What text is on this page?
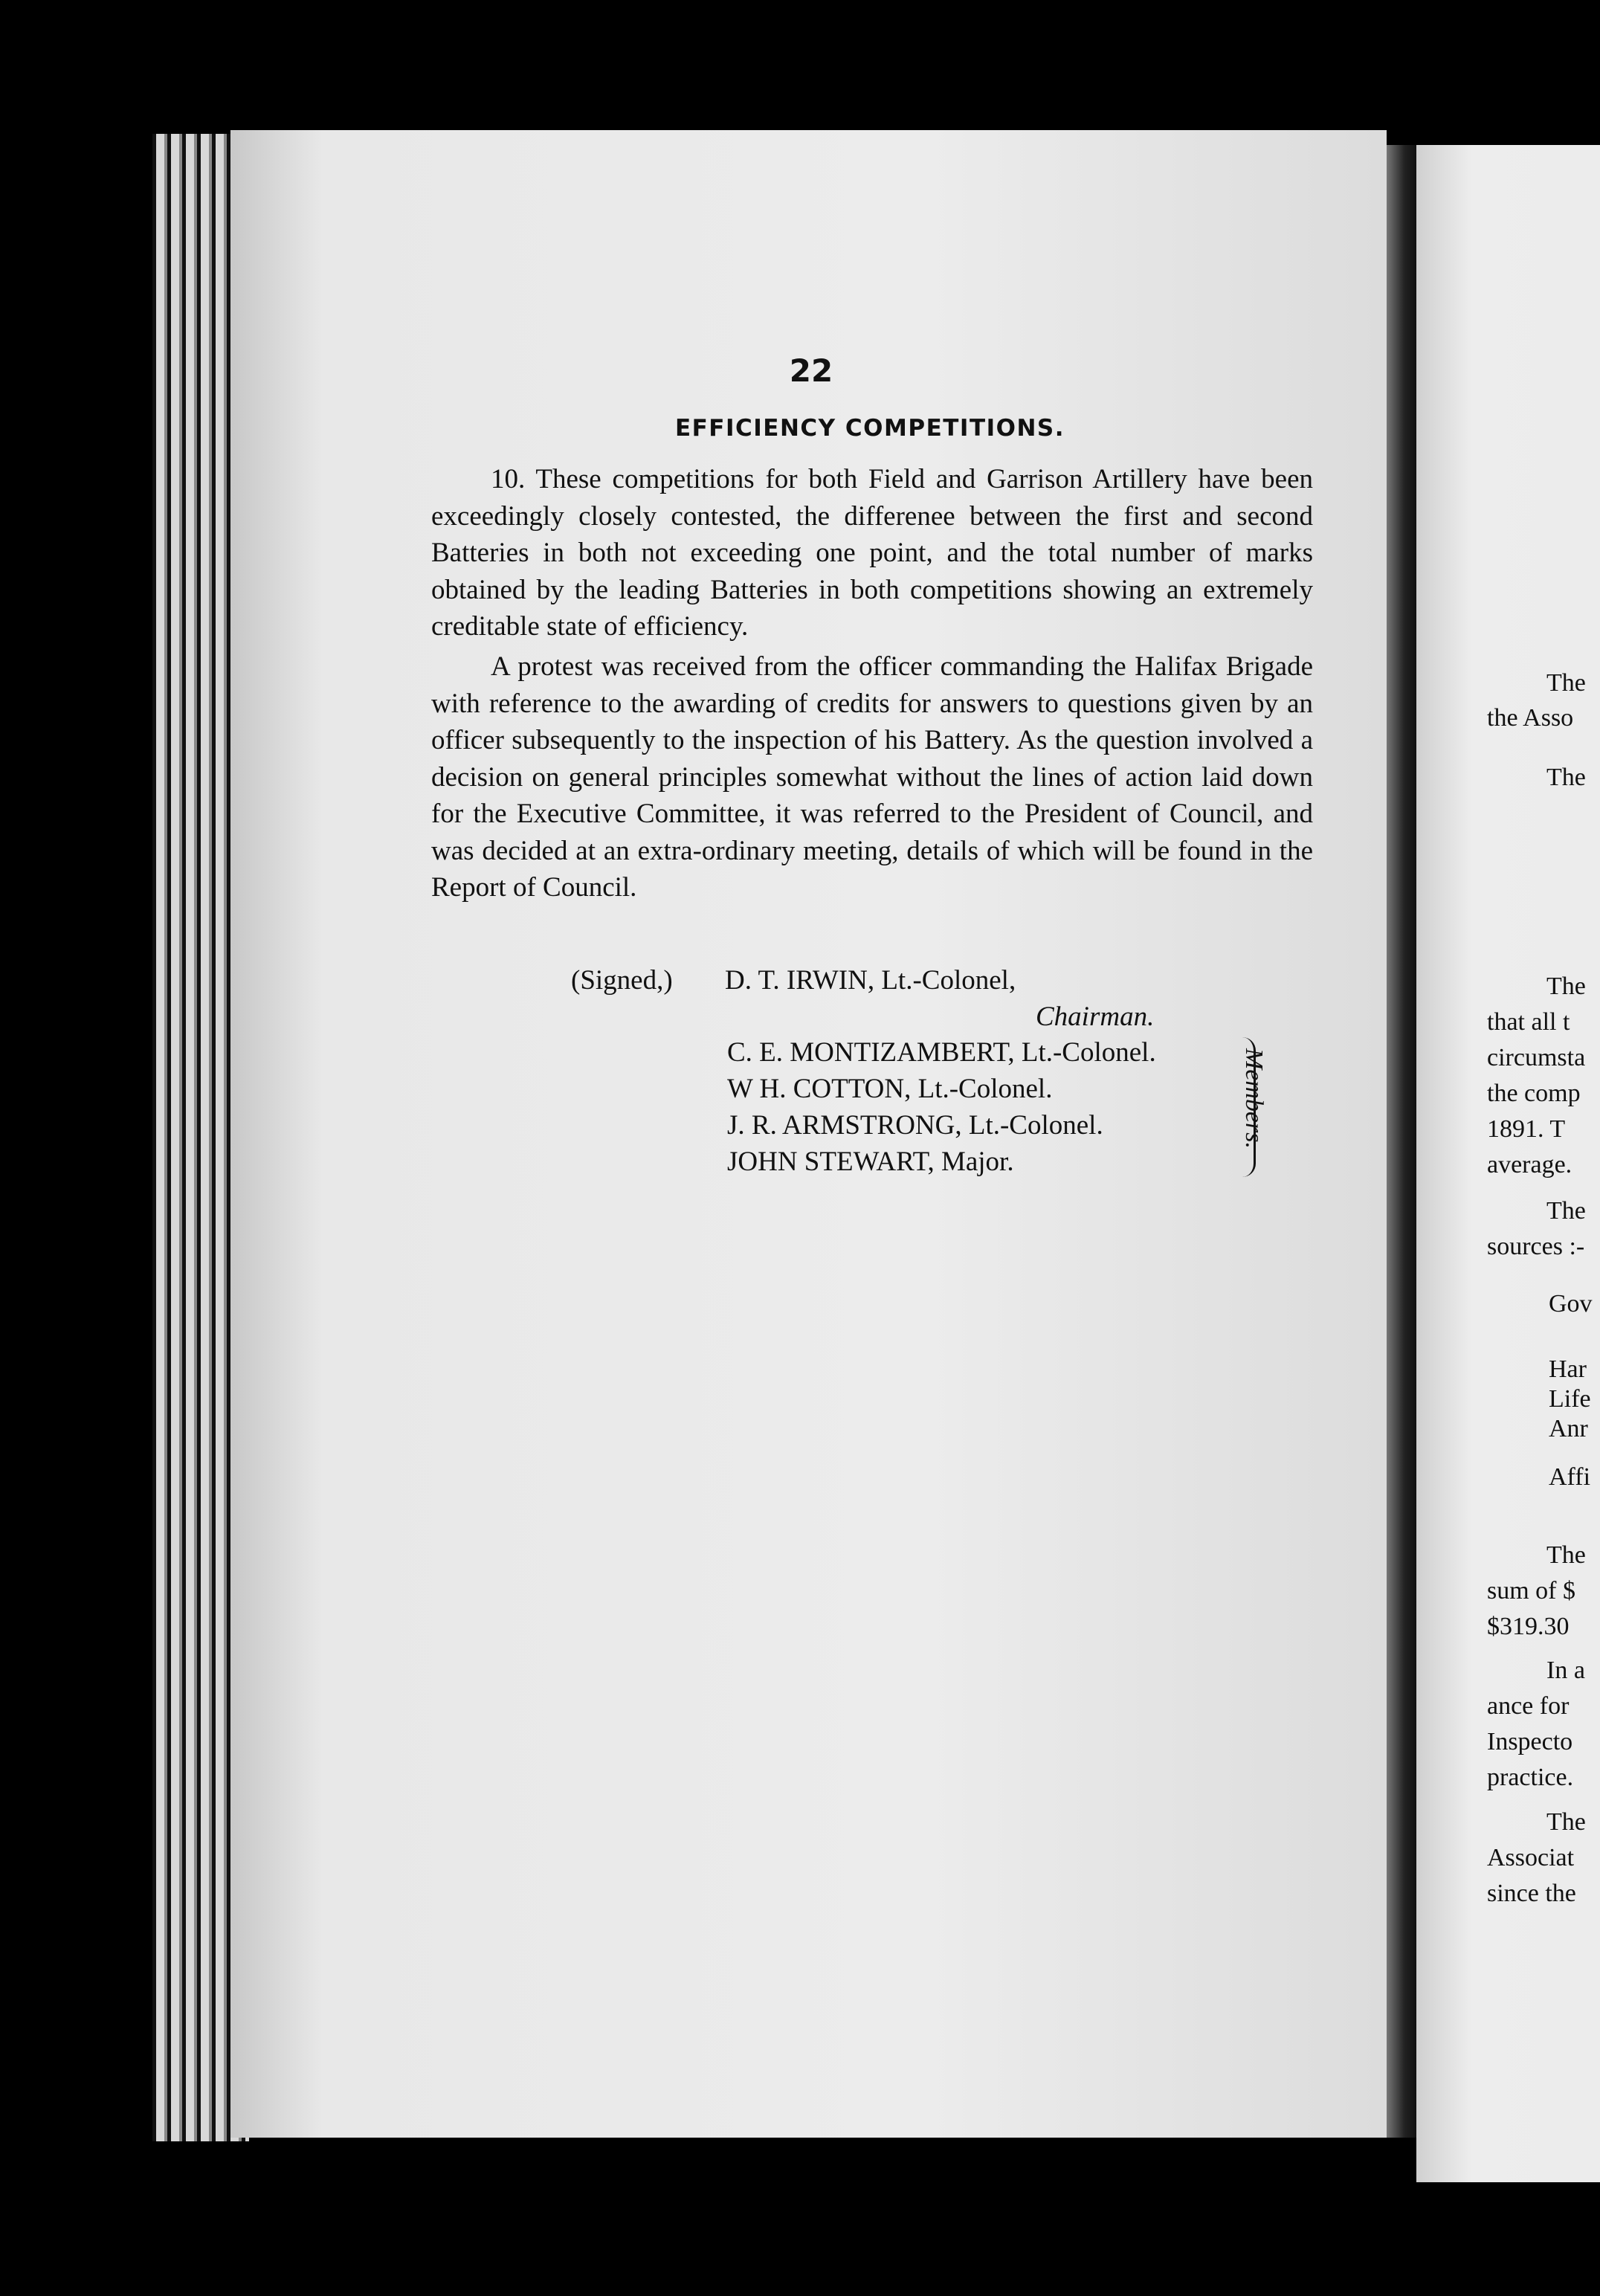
The
the Asso
The
The
that all t
circumsta
the comp
1891. T
average.
The
sources :-
Gov
Har
Life
Anr
Affi
The
sum of $
$319.30
In a
ance for
Inspecto
practice.
The
Associat
since the
22
EFFICIENCY COMPETITIONS.
10. These competitions for both Field and Garrison Artillery have been exceedingly closely contested, the differenee between the first and second Batteries in both not exceeding one point, and the total number of marks obtained by the leading Batteries in both competitions showing an extremely creditable state of efficiency.
A protest was received from the officer commanding the Halifax Brigade with reference to the awarding of credits for answers to questions given by an officer subsequently to the inspection of his Battery. As the question involved a decision on general principles somewhat without the lines of action laid down for the Executive Committee, it was referred to the President of Council, and was decided at an extra-ordinary meeting, details of which will be found in the Report of Council.
(Signed,) D. T. IRWIN, Lt.-Colonel,
Chairman.
C. E. MONTIZAMBERT, Lt.-Colonel.
W H. COTTON, Lt.-Colonel.
J. R. ARMSTRONG, Lt.-Colonel.
JOHN STEWART, Major.
Members.
